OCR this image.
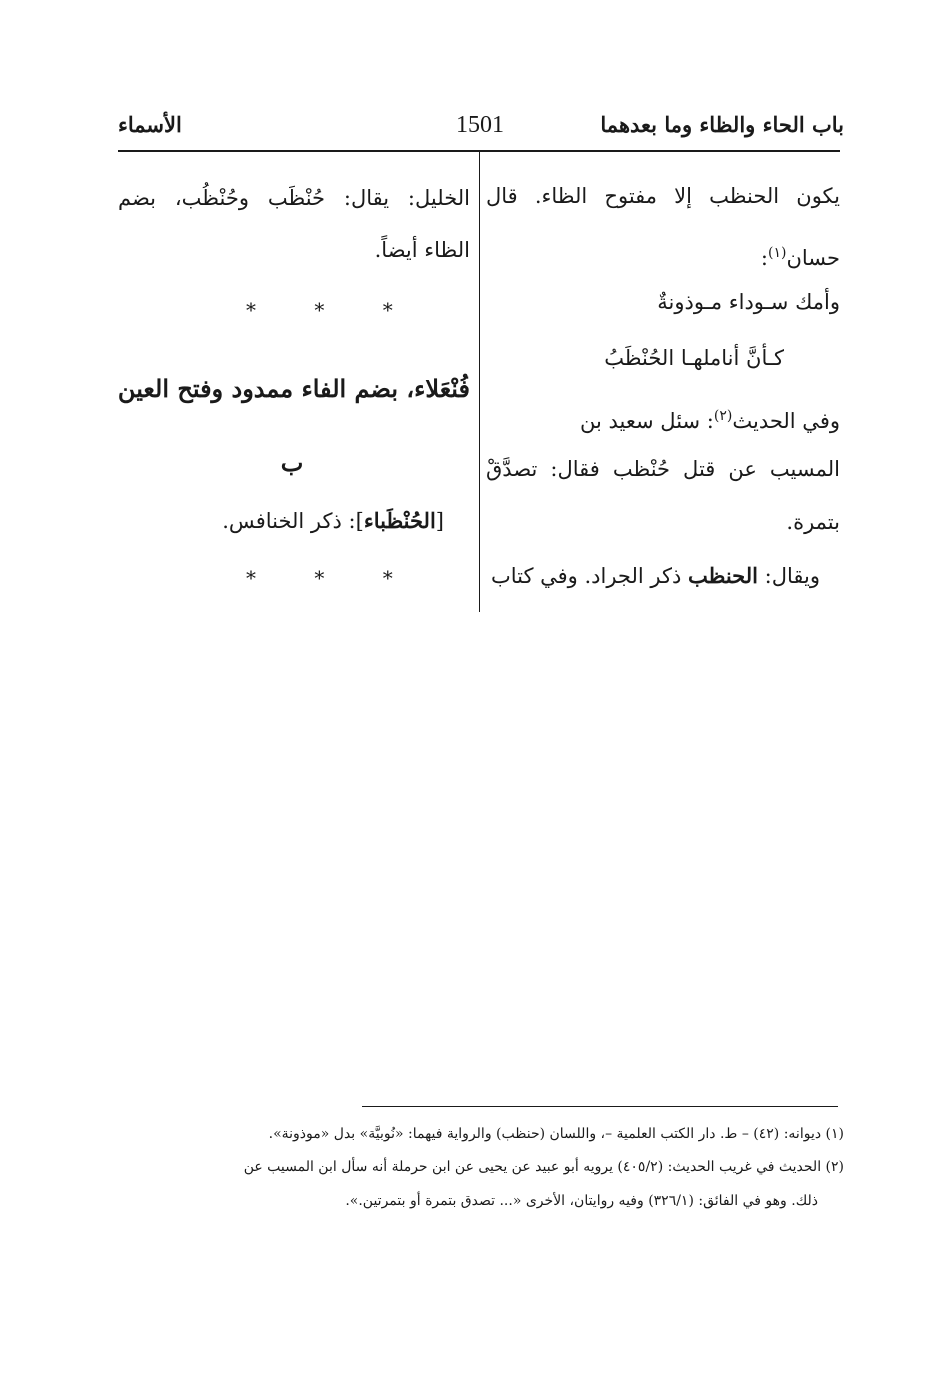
باب الحاء والظاء وما بعدهما
1501
الأسماء

يكون الحنظب إلا مفتوح الظاء. قال

حسان$^{(١)}$:

وأمك سـوداء مـوذونةٌ

كـأنَّ أناملهـا الحُنْظَبُ

وفي الحديث$^{(٢)}$: سئل سعيد بن

المسيب عن قتل حُنْظب فقال: تصدَّقْ

بتمرة.

ويقال: الحنظب ذكر الجراد. وفي كتاب

الخليل: يقال: حُنْظَب وحُنْظُب، بضم

الظاء أيضاً.

* * *

فُنْعَلاء، بضم الفاء ممدود وفتح العين

ب

[الحُنْظَباء]: ذكر الخنافس.

* * *

(١) ديوانه: (٤٢) – ط. دار الكتب العلمية –، واللسان (حنظب) والرواية فيهما: «نُوبيَّة» بدل «موذونة».
(٢) الحديث في غريب الحديث: (٤٠٥/٢) يرويه أبو عبيد عن يحيى عن ابن حرملة أنه سأل ابن المسيب عن
ذلك. وهو في الفائق: (٣٢٦/١) وفيه روايتان، الأخرى «... تصدق بتمرة أو بتمرتين.».
